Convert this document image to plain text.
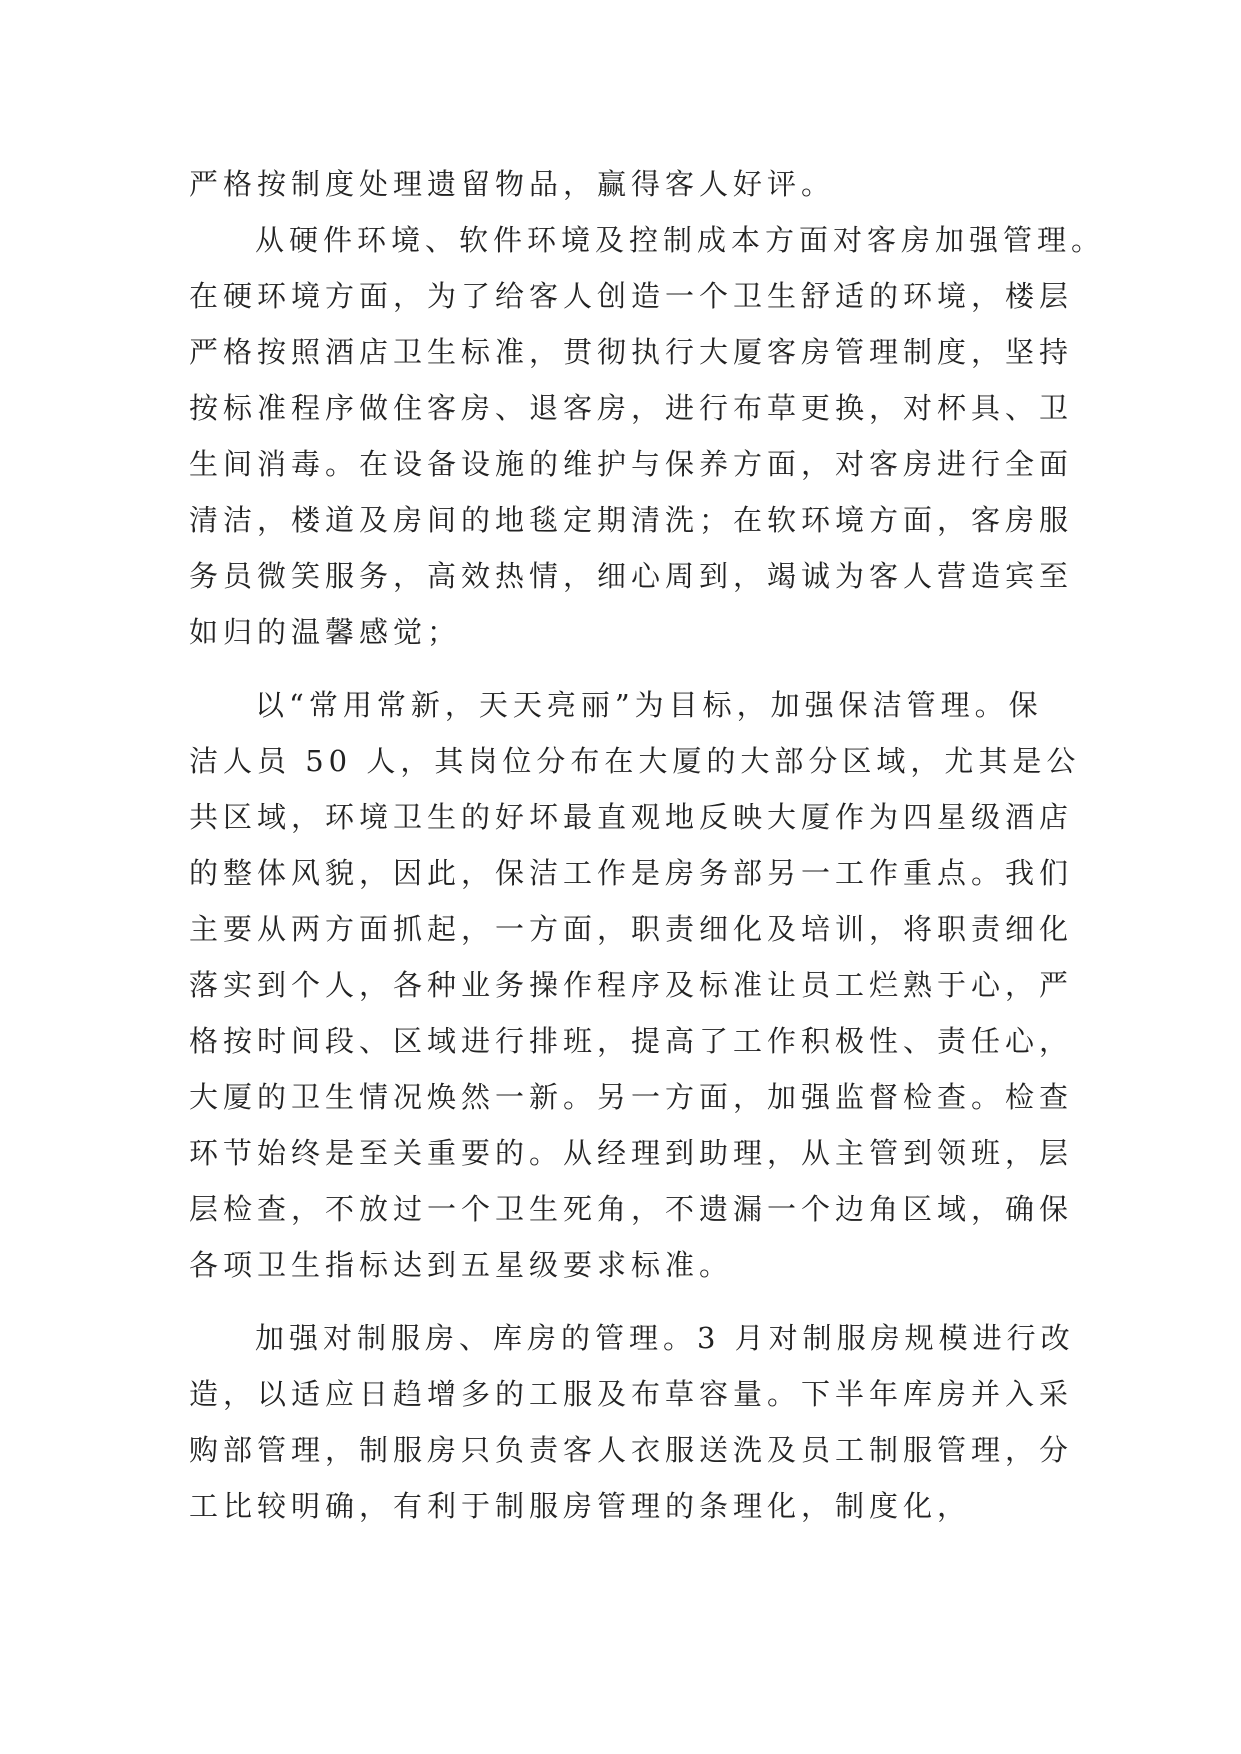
严格按制度处理遗留物品，赢得客人好评。
从硬件环境、软件环境及控制成本方面对客房加强管理。
在硬环境方面，为了给客人创造一个卫生舒适的环境，楼层
严格按照酒店卫生标准，贯彻执行大厦客房管理制度，坚持
按标准程序做住客房、退客房，进行布草更换，对杯具、卫
生间消毒。在设备设施的维护与保养方面，对客房进行全面
清洁，楼道及房间的地毯定期清洗；在软环境方面，客房服
务员微笑服务，高效热情，细心周到，竭诚为客人营造宾至
如归的温馨感觉；
以“常用常新，天天亮丽”为目标，加强保洁管理。保
洁人员 50 人，其岗位分布在大厦的大部分区域，尤其是公
共区域，环境卫生的好坏最直观地反映大厦作为四星级酒店
的整体风貌，因此，保洁工作是房务部另一工作重点。我们
主要从两方面抓起，一方面，职责细化及培训，将职责细化
落实到个人，各种业务操作程序及标准让员工烂熟于心，严
格按时间段、区域进行排班，提高了工作积极性、责任心，
大厦的卫生情况焕然一新。另一方面，加强监督检查。检查
环节始终是至关重要的。从经理到助理，从主管到领班，层
层检查，不放过一个卫生死角，不遗漏一个边角区域，确保
各项卫生指标达到五星级要求标准。
加强对制服房、库房的管理。3 月对制服房规模进行改
造，以适应日趋增多的工服及布草容量。下半年库房并入采
购部管理，制服房只负责客人衣服送洗及员工制服管理，分
工比较明确，有利于制服房管理的条理化，制度化，
